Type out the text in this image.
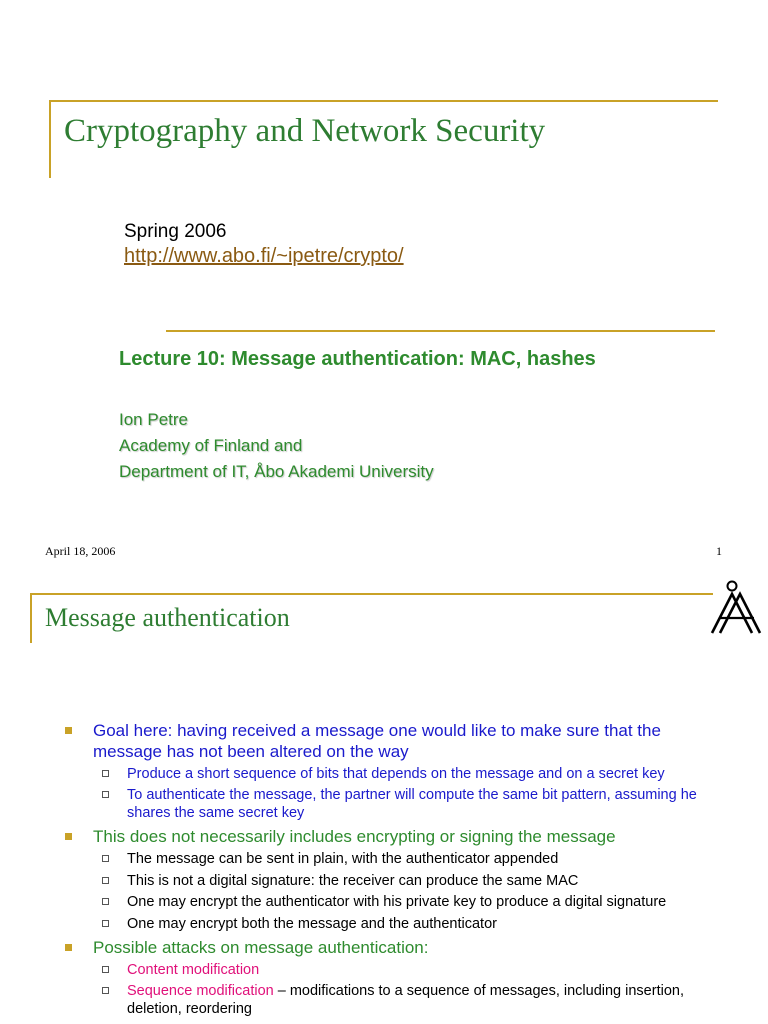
Cryptography and Network Security
Spring 2006
http://www.abo.fi/~ipetre/crypto/
Lecture 10: Message authentication: MAC, hashes
Ion Petre
Academy of Finland and
Department of IT, Åbo Akademi University
April 18, 2006	1
Message authentication
Goal here: having received a message one would like to make sure that the message has not been altered on the way
Produce a short sequence of bits that depends on the message and on a secret key
To authenticate the message, the partner will compute the same bit pattern, assuming he shares the same secret key
This does not necessarily includes encrypting or signing the message
The message can be sent in plain, with the authenticator appended
This is not a digital signature: the receiver can produce the same MAC
One may encrypt the authenticator with his private key to produce a digital signature
One may encrypt both the message and the authenticator
Possible attacks on message authentication:
Content modification
Sequence modification – modifications to a sequence of messages, including insertion, deletion, reordering
